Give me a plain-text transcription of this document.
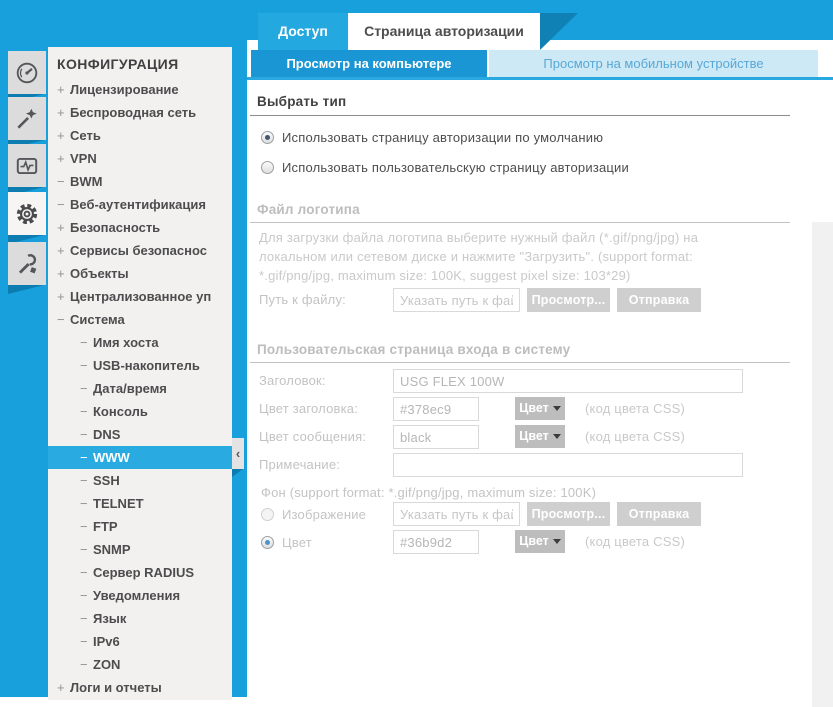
КОНФИГУРАЦИЯ
+ Лицензирование
+ Беспроводная сеть
+ Сеть
+ VPN
− BWM
− Веб-аутентификация
+ Безопасность
+ Сервисы безопаснос
+ Объекты
+ Централизованное уп
− Система
− Имя хоста
− USB-накопитель
− Дата/время
− Консоль
− DNS
− WWW
− SSH
− TELNET
− FTP
− SNMP
− Сервер RADIUS
− Уведомления
− Язык
− IPv6
− ZON
+ Логи и отчеты
‹
Доступ	Страница авторизации
Просмотр на компьютере	Просмотр на мобильном устройстве
Выбрать тип
Использовать страницу авторизации по умолчанию
Использовать пользовательскую страницу авторизации
Файл логотипа
Для загрузки файла логотипа выберите нужный файл (*.gif/png/jpg) на
локальном или сетевом диске и нажмите "Загрузить". (support format:
*.gif/png/jpg, maximum size: 100K, suggest pixel size: 103*29)
Путь к файлу:
Указать путь к файлу	Просмотр...	Отправка
Пользовательская страница входа в систему
Заголовок:
USG FLEX 100W
Цвет заголовка:
#378ec9	Цвет	(код цвета CSS)
Цвет сообщения:
black	Цвет	(код цвета CSS)
Примечание:
Фон (support format: *.gif/png/jpg, maximum size: 100K)
Изображение
Указать путь к файлу	Просмотр...	Отправка
Цвет
#36b9d2	Цвет	(код цвета CSS)
